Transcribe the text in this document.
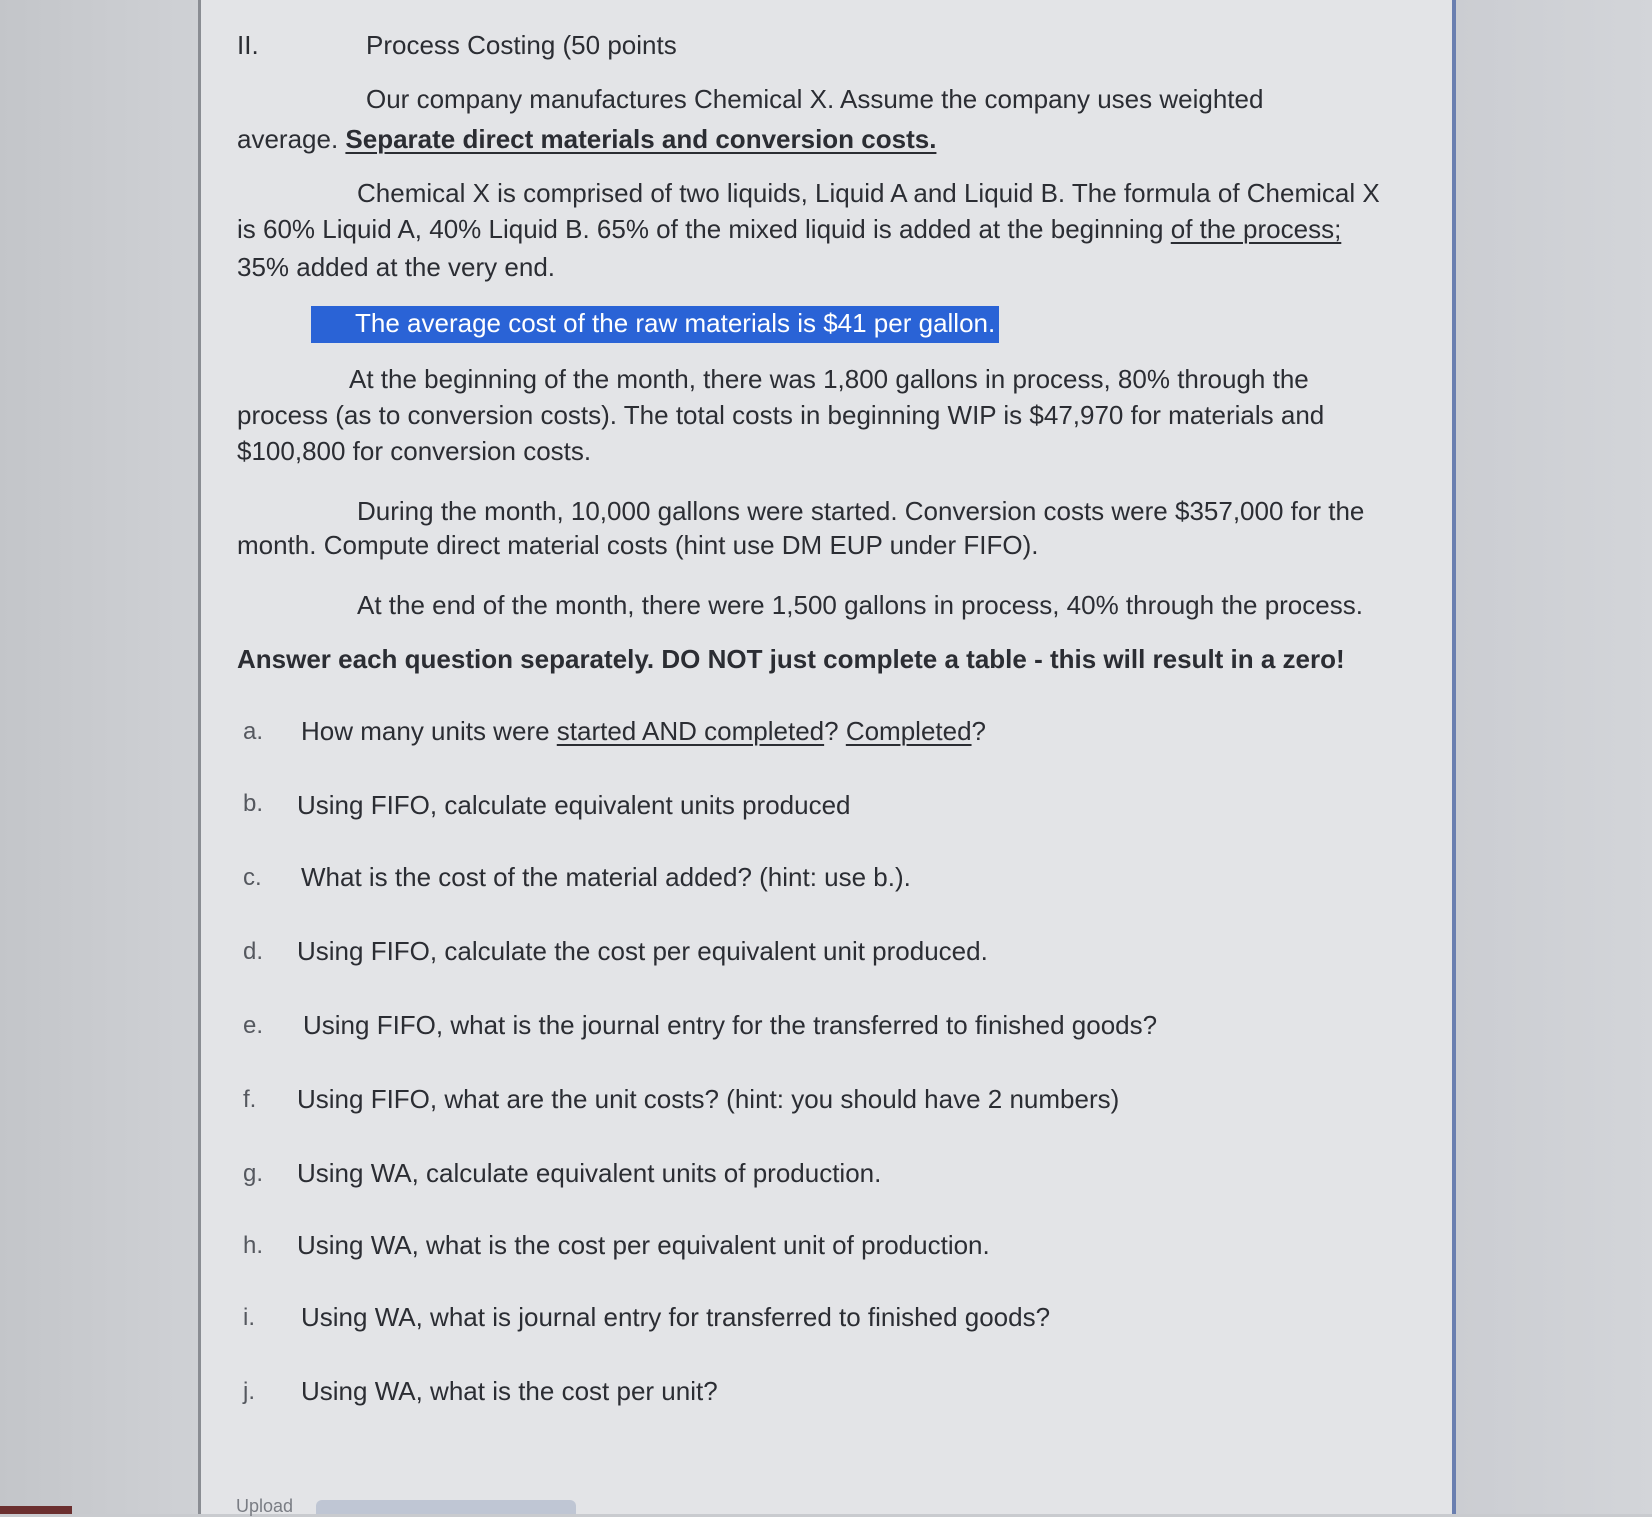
II.	Process Costing (50 points
Our company manufactures Chemical X. Assume the company uses weighted
average. Separate direct materials and conversion costs.
Chemical X is comprised of two liquids, Liquid A and Liquid B. The formula of Chemical X
is 60% Liquid A, 40% Liquid B. 65% of the mixed liquid is added at the beginning of the process;
35% added at the very end.
The average cost of the raw materials is $41 per gallon.
At the beginning of the month, there was 1,800 gallons in process, 80% through the
process (as to conversion costs). The total costs in beginning WIP is $47,970 for materials and
$100,800 for conversion costs.
During the month, 10,000 gallons were started. Conversion costs were $357,000 for the
month. Compute direct material costs (hint use DM EUP under FIFO).
At the end of the month, there were 1,500 gallons in process, 40% through the process.
Answer each question separately. DO NOT just complete a table - this will result in a zero!
a. How many units were started AND completed? Completed?
b. Using FIFO, calculate equivalent units produced
c. What is the cost of the material added? (hint: use b.).
d. Using FIFO, calculate the cost per equivalent unit produced.
e. Using FIFO, what is the journal entry for the transferred to finished goods?
f. Using FIFO, what are the unit costs? (hint: you should have 2 numbers)
g. Using WA, calculate equivalent units of production.
h. Using WA, what is the cost per equivalent unit of production.
i. Using WA, what is journal entry for transferred to finished goods?
j. Using WA, what is the cost per unit?
Upload
